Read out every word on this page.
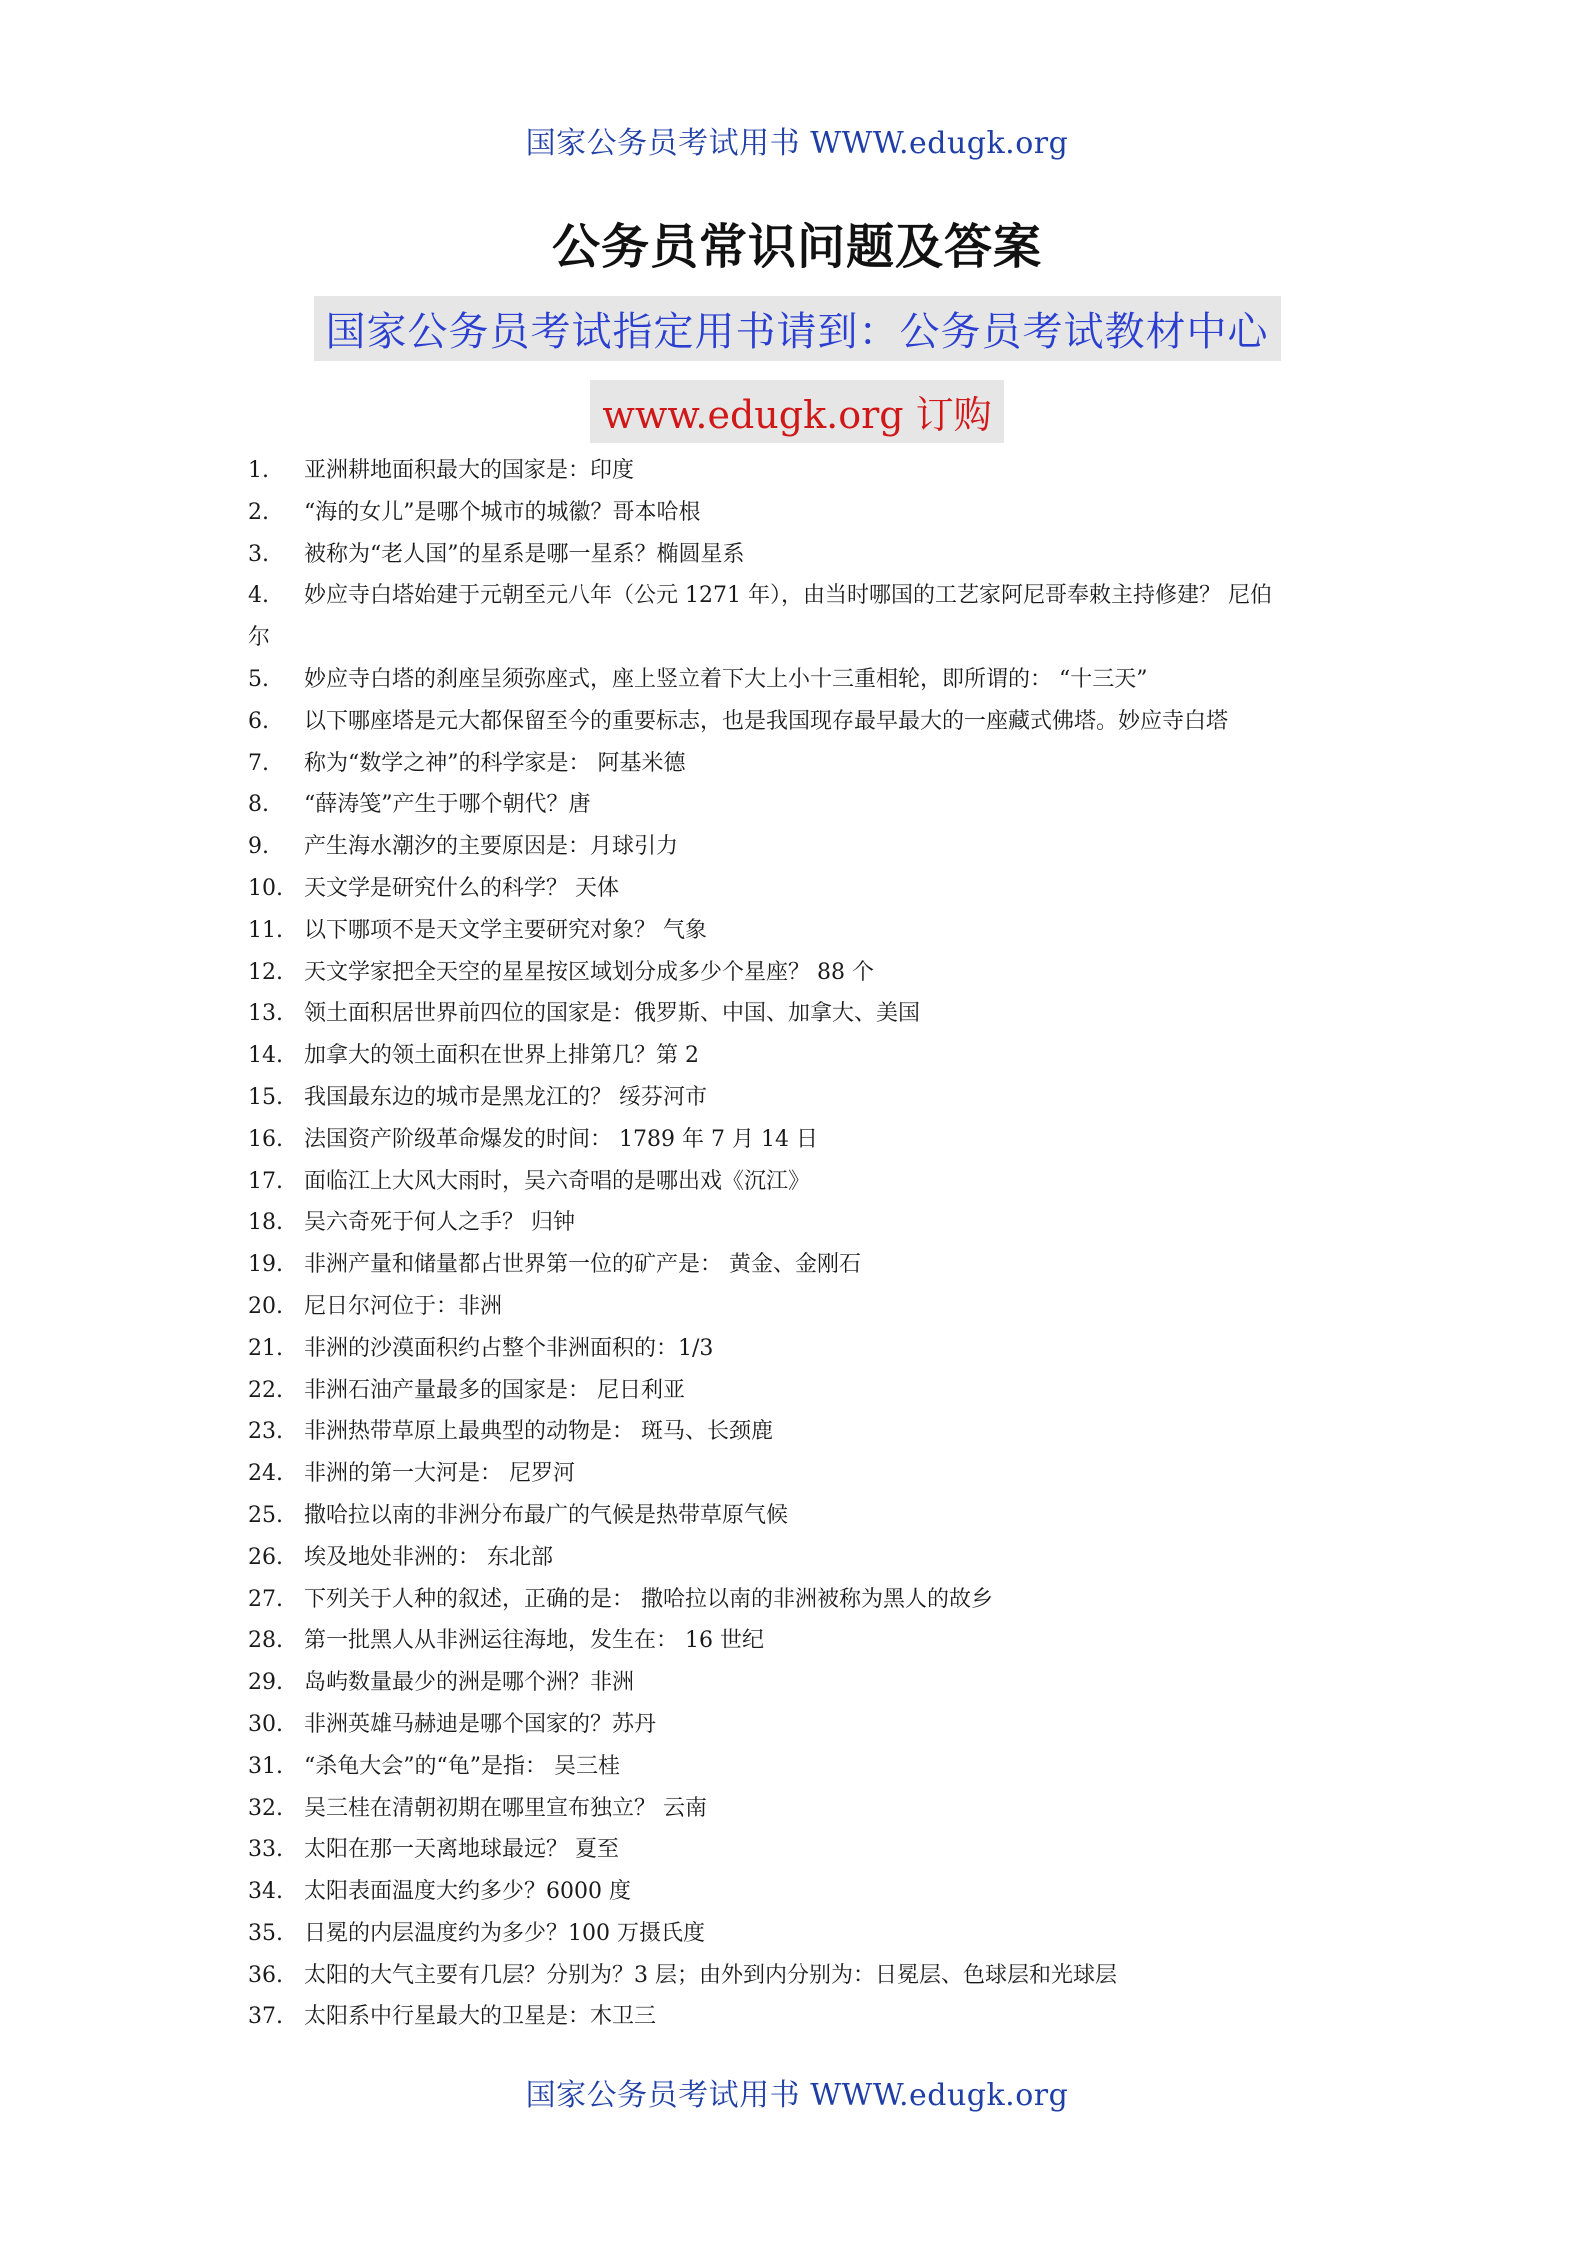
国家公务员考试用书 WWW.edugk.org
公务员常识问题及答案
国家公务员考试指定用书请到：公务员考试教材中心
www.edugk.org 订购
1. 亚洲耕地面积最大的国家是：印度
2. “海的女儿”是哪个城市的城徽？哥本哈根
3. 被称为“老人国”的星系是哪一星系？椭圆星系
4. 妙应寺白塔始建于元朝至元八年（公元 1271 年），由当时哪国的工艺家阿尼哥奉敕主持修建？ 尼伯
尔
5. 妙应寺白塔的刹座呈须弥座式，座上竖立着下大上小十三重相轮，即所谓的： “十三天”
6. 以下哪座塔是元大都保留至今的重要标志，也是我国现存最早最大的一座藏式佛塔。妙应寺白塔
7. 称为“数学之神”的科学家是： 阿基米德
8. “薛涛笺”产生于哪个朝代？唐
9. 产生海水潮汐的主要原因是：月球引力
10. 天文学是研究什么的科学？ 天体
11. 以下哪项不是天文学主要研究对象？ 气象
12. 天文学家把全天空的星星按区域划分成多少个星座？ 88 个
13. 领土面积居世界前四位的国家是：俄罗斯、中国、加拿大、美国
14. 加拿大的领土面积在世界上排第几？第 2
15. 我国最东边的城市是黑龙江的？ 绥芬河市
16. 法国资产阶级革命爆发的时间： 1789 年 7 月 14 日
17. 面临江上大风大雨时，吴六奇唱的是哪出戏《沉江》
18. 吴六奇死于何人之手？ 归钟
19. 非洲产量和储量都占世界第一位的矿产是： 黄金、金刚石
20. 尼日尔河位于：非洲
21. 非洲的沙漠面积约占整个非洲面积的：1/3
22. 非洲石油产量最多的国家是： 尼日利亚
23. 非洲热带草原上最典型的动物是： 斑马、长颈鹿
24. 非洲的第一大河是： 尼罗河
25. 撒哈拉以南的非洲分布最广的气候是热带草原气候
26. 埃及地处非洲的： 东北部
27. 下列关于人种的叙述，正确的是： 撒哈拉以南的非洲被称为黑人的故乡
28. 第一批黑人从非洲运往海地，发生在： 16 世纪
29. 岛屿数量最少的洲是哪个洲？非洲
30. 非洲英雄马赫迪是哪个国家的？苏丹
31. “杀龟大会”的“龟”是指： 吴三桂
32. 吴三桂在清朝初期在哪里宣布独立？ 云南
33. 太阳在那一天离地球最远？ 夏至
34. 太阳表面温度大约多少？6000 度
35. 日冕的内层温度约为多少？100 万摄氏度
36. 太阳的大气主要有几层？分别为？3 层；由外到内分别为：日冕层、色球层和光球层
37. 太阳系中行星最大的卫星是：木卫三
国家公务员考试用书 WWW.edugk.org
